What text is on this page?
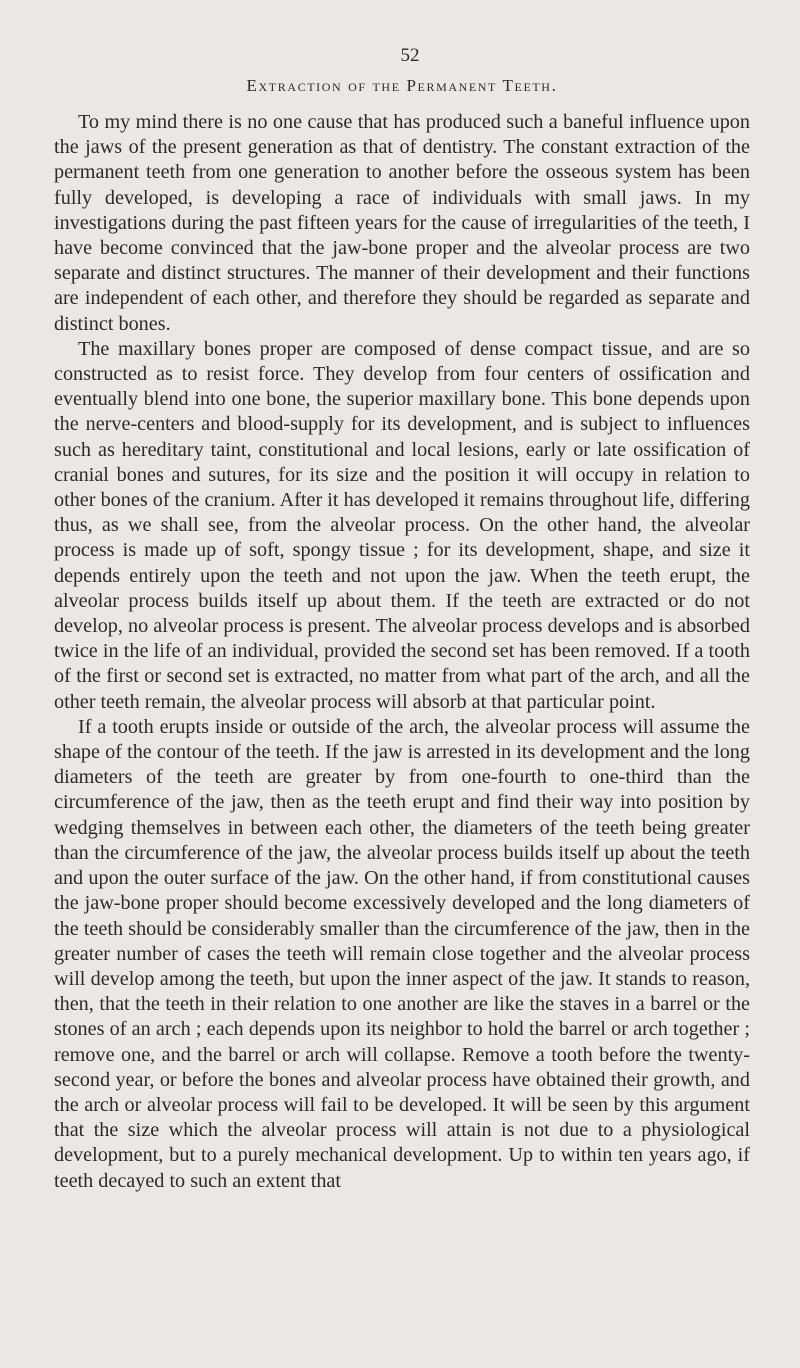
52
Extraction of the Permanent Teeth.

To my mind there is no one cause that has produced such a baneful influence upon the jaws of the present generation as that of dentistry. The constant extraction of the permanent teeth from one generation to another before the osseous system has been fully developed, is developing a race of individuals with small jaws. In my investigations during the past fifteen years for the cause of irregularities of the teeth, I have become convinced that the jaw-bone proper and the alveolar process are two separate and distinct structures. The manner of their development and their functions are independent of each other, and therefore they should be regarded as separate and distinct bones.

The maxillary bones proper are composed of dense compact tissue, and are so constructed as to resist force. They develop from four centers of ossification and eventually blend into one bone, the superior maxillary bone. This bone depends upon the nerve-centers and blood-supply for its development, and is subject to influences such as hereditary taint, constitutional and local lesions, early or late ossification of cranial bones and sutures, for its size and the position it will occupy in relation to other bones of the cranium. After it has developed it remains throughout life, differing thus, as we shall see, from the alveolar process. On the other hand, the alveolar process is made up of soft, spongy tissue ; for its development, shape, and size it depends entirely upon the teeth and not upon the jaw. When the teeth erupt, the alveolar process builds itself up about them. If the teeth are extracted or do not develop, no alveolar process is present. The alveolar process develops and is absorbed twice in the life of an individual, provided the second set has been removed. If a tooth of the first or second set is extracted, no matter from what part of the arch, and all the other teeth remain, the alveolar process will absorb at that particular point.

If a tooth erupts inside or outside of the arch, the alveolar process will assume the shape of the contour of the teeth. If the jaw is arrested in its development and the long diameters of the teeth are greater by from one-fourth to one-third than the circumference of the jaw, then as the teeth erupt and find their way into position by wedging themselves in between each other, the diameters of the teeth being greater than the circumference of the jaw, the alveolar process builds itself up about the teeth and upon the outer surface of the jaw. On the other hand, if from constitutional causes the jaw-bone proper should become excessively developed and the long diameters of the teeth should be considerably smaller than the circumference of the jaw, then in the greater number of cases the teeth will remain close together and the alveolar process will develop among the teeth, but upon the inner aspect of the jaw. It stands to reason, then, that the teeth in their relation to one another are like the staves in a barrel or the stones of an arch ; each depends upon its neighbor to hold the barrel or arch together ; remove one, and the barrel or arch will collapse. Remove a tooth before the twenty-second year, or before the bones and alveolar process have obtained their growth, and the arch or alveolar process will fail to be developed. It will be seen by this argument that the size which the alveolar process will attain is not due to a physiological development, but to a purely mechanical development. Up to within ten years ago, if teeth decayed to such an extent that
